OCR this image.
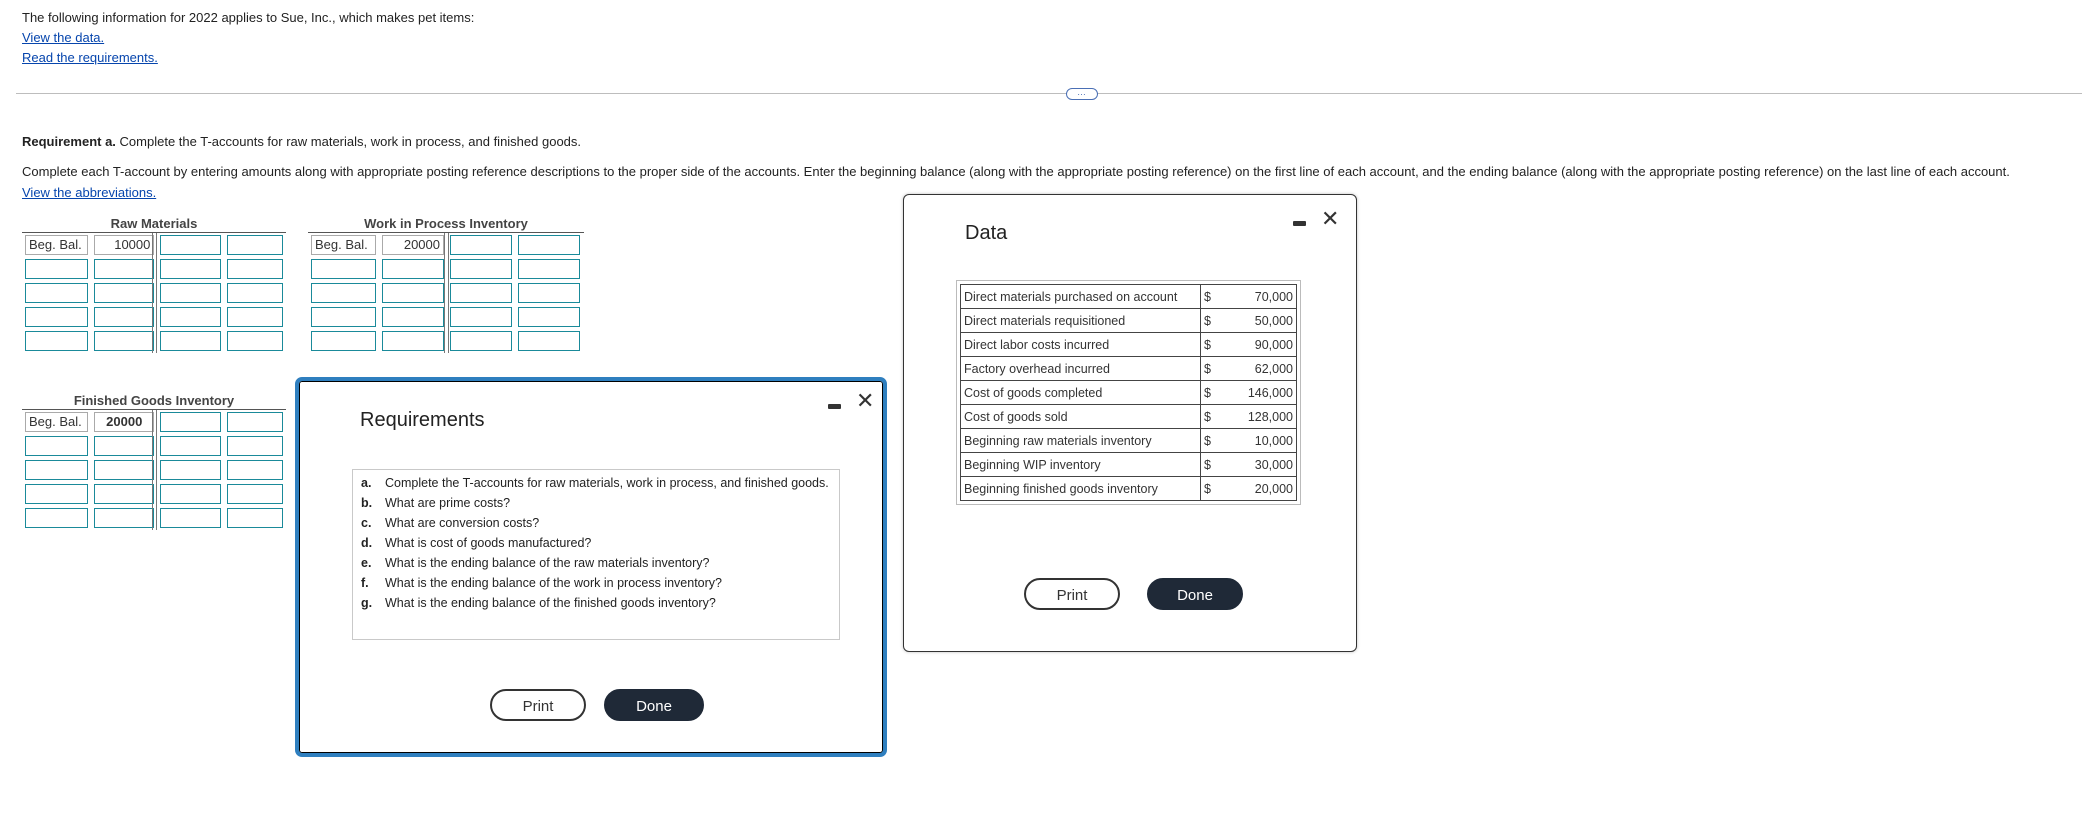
The following information for 2022 applies to Sue, Inc., which makes pet items:
View the data.
Read the requirements.
…
Requirement a. Complete the T-accounts for raw materials, work in process, and finished goods.
Complete each T-account by entering amounts along with appropriate posting reference descriptions to the proper side of the accounts. Enter the beginning balance (along with the appropriate posting reference) on the first line of each account, and the ending balance (along with the appropriate posting reference) on the last line of each account.
View the abbreviations.
Raw Materials
Beg. Bal.	10000
Work in Process Inventory
Beg. Bal.	20000
Finished Goods Inventory
Beg. Bal.	20000
Data
✕
Direct materials purchased on account	$	70,000
Direct materials requisitioned	$	50,000
Direct labor costs incurred	$	90,000
Factory overhead incurred	$	62,000
Cost of goods completed	$	146,000
Cost of goods sold	$	128,000
Beginning raw materials inventory	$	10,000
Beginning WIP inventory	$	30,000
Beginning finished goods inventory	$	20,000
Print	Done
Requirements
✕
a.	Complete the T-accounts for raw materials, work in process, and finished goods.
b.	What are prime costs?
c.	What are conversion costs?
d.	What is cost of goods manufactured?
e.	What is the ending balance of the raw materials inventory?
f.	What is the ending balance of the work in process inventory?
g.	What is the ending balance of the finished goods inventory?
Print	Done
